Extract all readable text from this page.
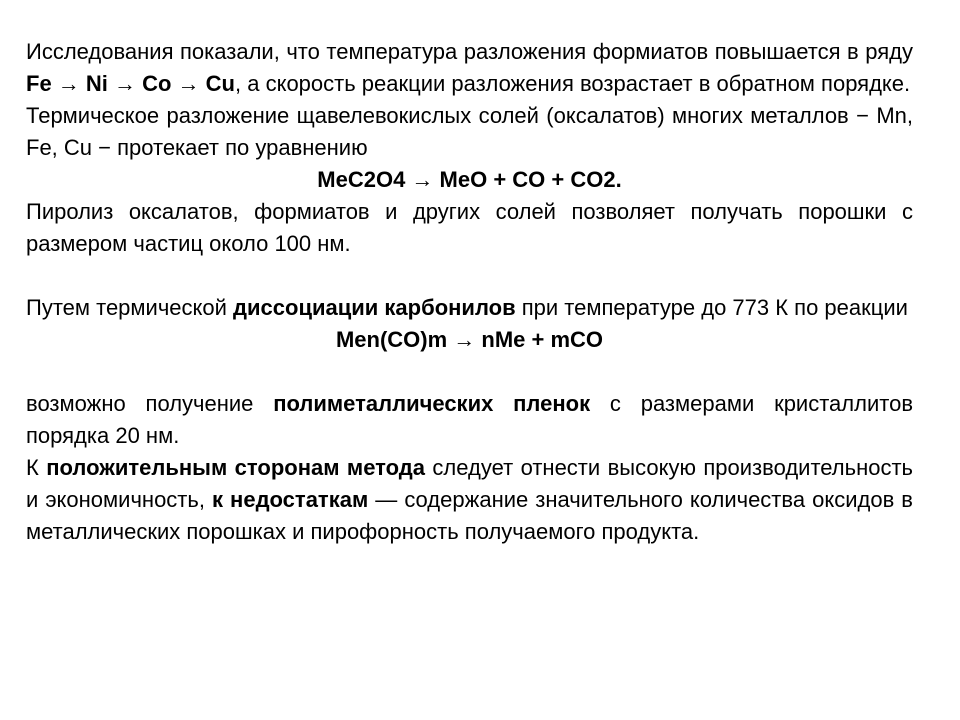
Исследования показали, что температура разложения формиатов повышается в ряду Fe → Ni → Co → Cu, а скорость реакции разложения возрастает в обратном порядке.

Термическое разложение щавелевокислых солей (оксалатов) многих металлов − Mn, Fe, Cu − протекает по уравнению

MeC2O4 → MeO + CO + CO2.

Пиролиз оксалатов, формиатов и других солей позволяет получать порошки с размером частиц около 100 нм.

Путем термической диссоциации карбонилов при температуре до 773 К по реакции

Men(CO)m → nMe + mCO

возможно получение полиметаллических пленок с размерами кристаллитов порядка 20 нм.

К положительным сторонам метода следует отнести высокую производительность и экономичность, к недостаткам — содержание значительного количества оксидов в металлических порошках и пирофорность получаемого продукта.
